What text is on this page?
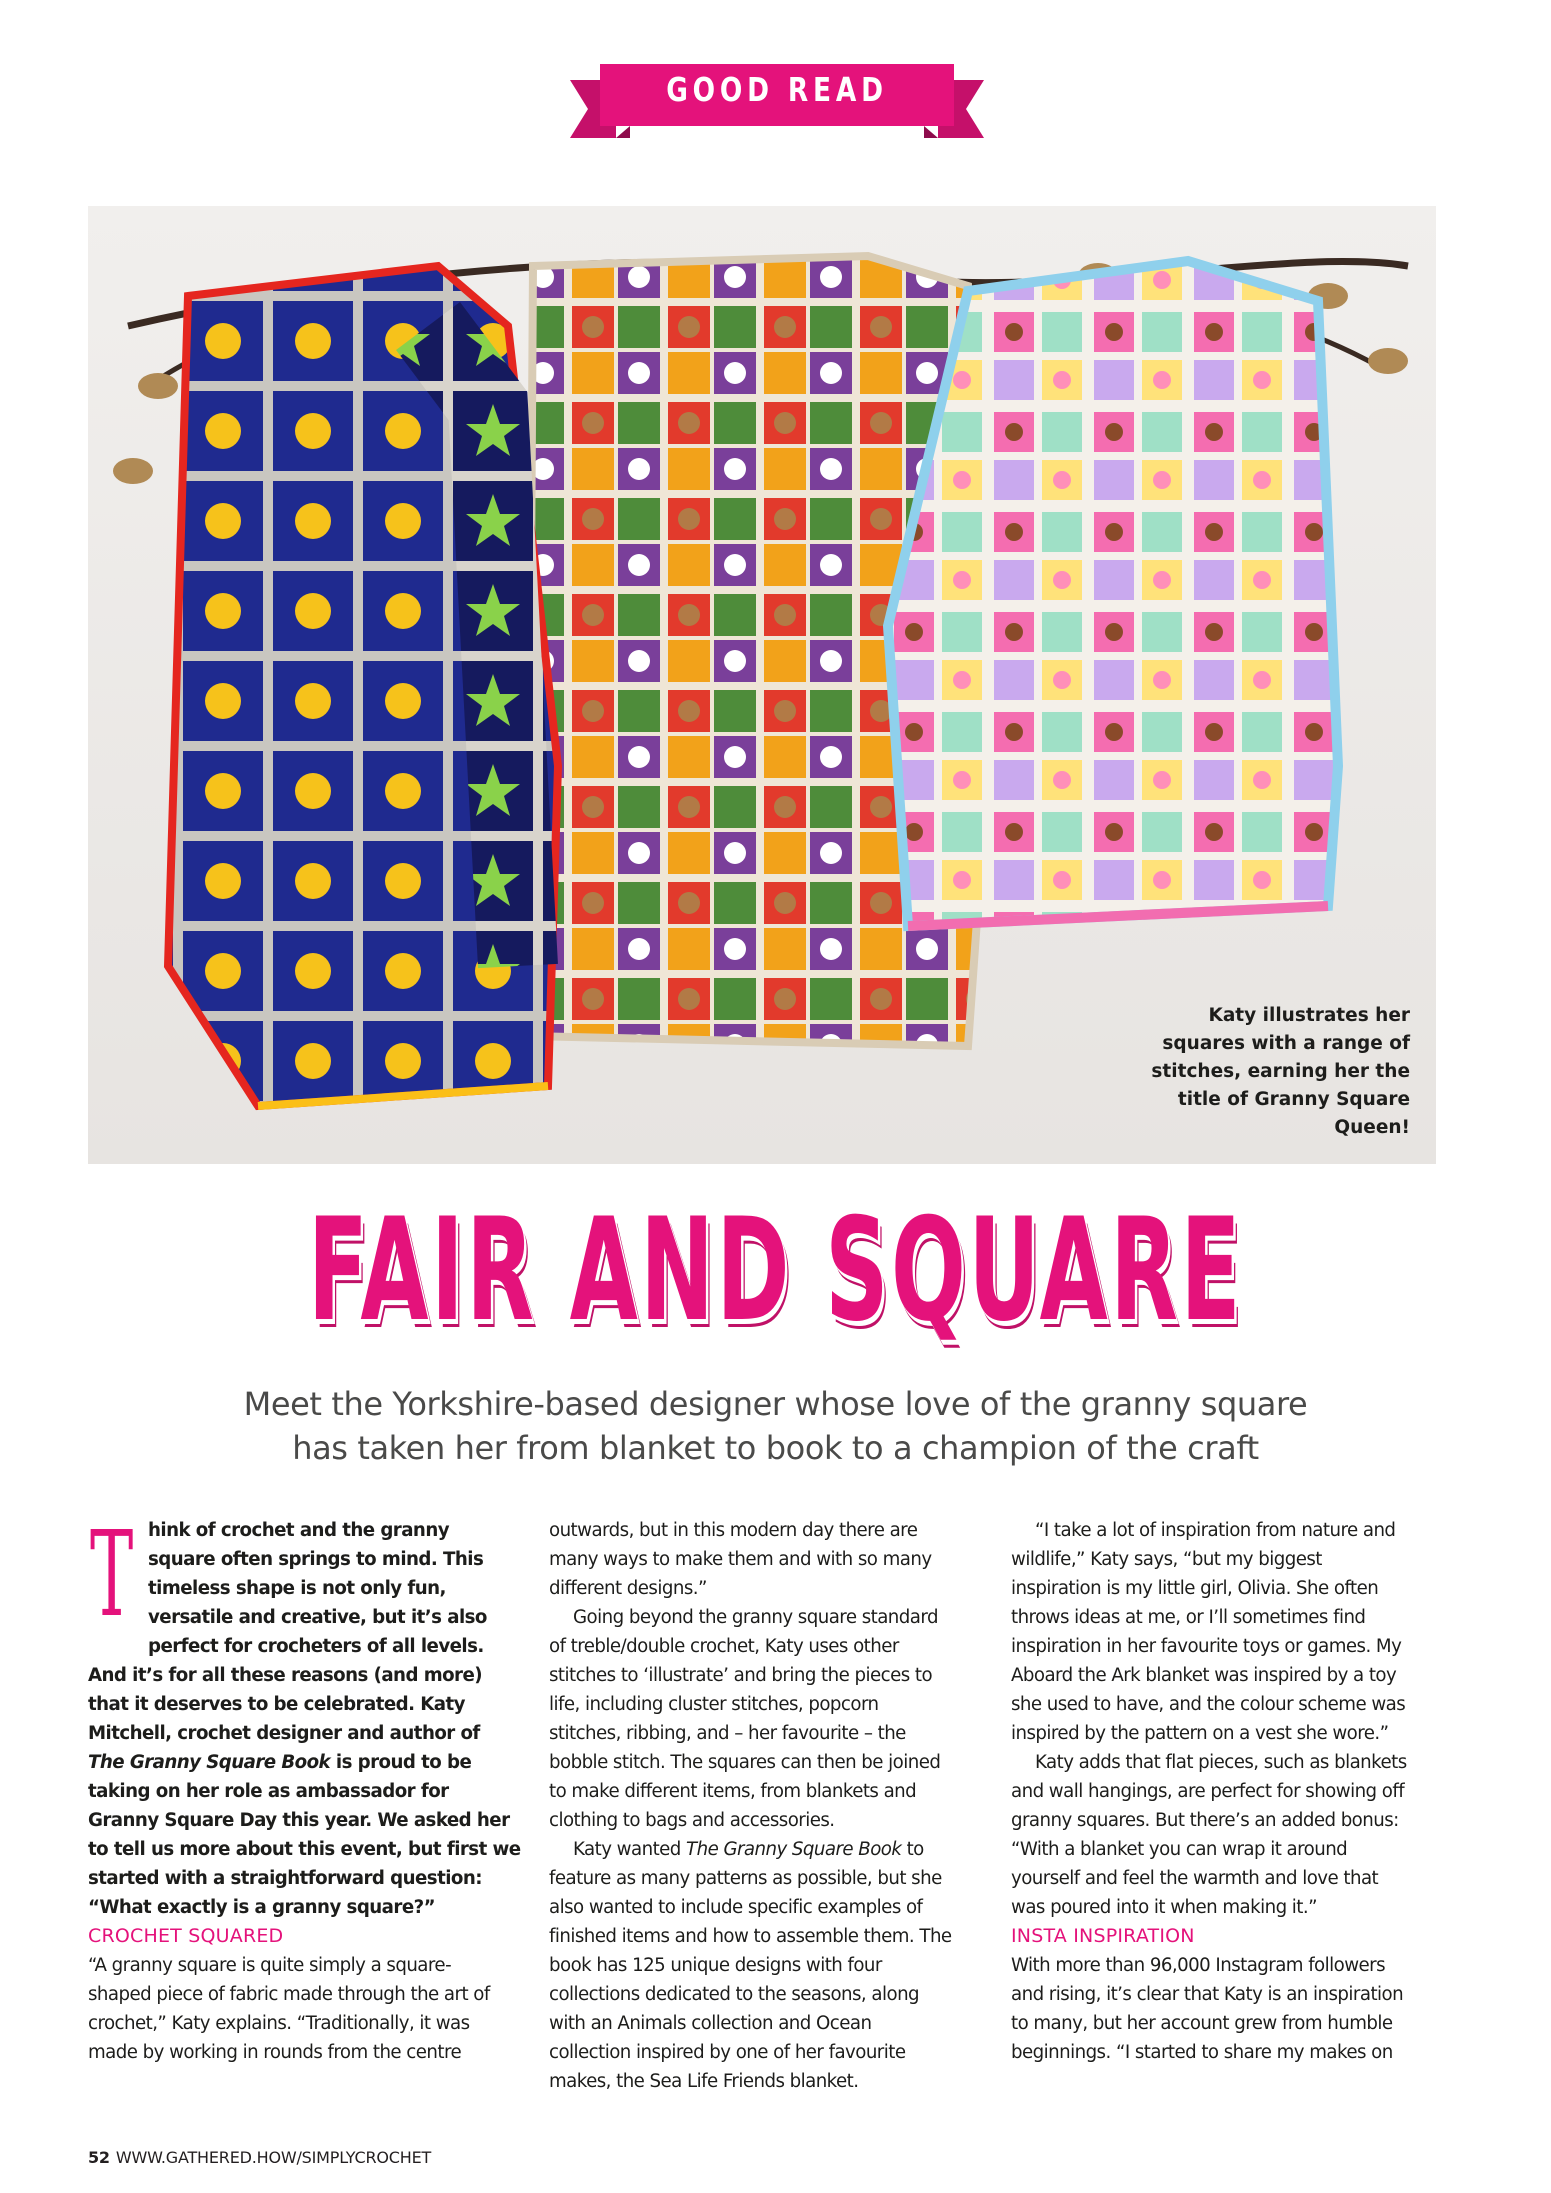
GOOD READ
Katy illustrates her squares with a range of stitches, earning her the title of Granny Square Queen!
FAIR AND SQUARE
Meet the Yorkshire-based designer whose love of the granny square
has taken her from blanket to book to a champion of the craft
T hink of crochet and the granny
square often springs to mind. This
timeless shape is not only fun,
versatile and creative, but it’s also
perfect for crocheters of all levels.
And it’s for all these reasons (and more)
that it deserves to be celebrated. Katy
Mitchell, crochet designer and author of
The Granny Square Book is proud to be
taking on her role as ambassador for
Granny Square Day this year. We asked her
to tell us more about this event, but first we
started with a straightforward question:
“What exactly is a granny square?”

CROCHET SQUARED

“A granny square is quite simply a square-
shaped piece of fabric made through the art of
crochet,” Katy explains. “Traditionally, it was
made by working in rounds from the centre
outwards, but in this modern day there are
many ways to make them and with so many
different designs.”
Going beyond the granny square standard
of treble/double crochet, Katy uses other
stitches to ‘illustrate’ and bring the pieces to
life, including cluster stitches, popcorn
stitches, ribbing, and – her favourite – the
bobble stitch. The squares can then be joined
to make different items, from blankets and
clothing to bags and accessories.
Katy wanted The Granny Square Book to
feature as many patterns as possible, but she
also wanted to include specific examples of
finished items and how to assemble them. The
book has 125 unique designs with four
collections dedicated to the seasons, along
with an Animals collection and Ocean
collection inspired by one of her favourite
makes, the Sea Life Friends blanket.
“I take a lot of inspiration from nature and
wildlife,” Katy says, “but my biggest
inspiration is my little girl, Olivia. She often
throws ideas at me, or I’ll sometimes find
inspiration in her favourite toys or games. My
Aboard the Ark blanket was inspired by a toy
she used to have, and the colour scheme was
inspired by the pattern on a vest she wore.”
Katy adds that flat pieces, such as blankets
and wall hangings, are perfect for showing off
granny squares. But there’s an added bonus:
“With a blanket you can wrap it around
yourself and feel the warmth and love that
was poured into it when making it.”

INSTA INSPIRATION

With more than 96,000 Instagram followers
and rising, it’s clear that Katy is an inspiration
to many, but her account grew from humble
beginnings. “I started to share my makes on
52 WWW.GATHERED.HOW/SIMPLYCROCHET
